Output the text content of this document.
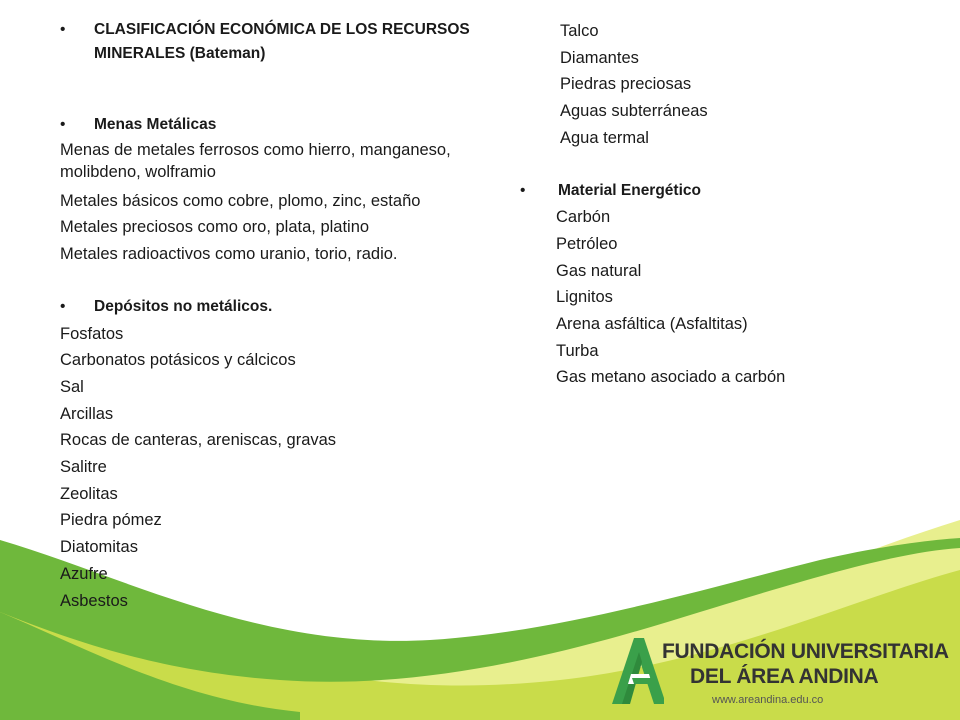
• CLASIFICACIÓN ECONÓMICA DE LOS RECURSOS MINERALES (Bateman)
• Menas Metálicas
Menas de metales ferrosos como hierro, manganeso, molibdeno, wolframio
Metales básicos como cobre, plomo, zinc, estaño
Metales preciosos como oro, plata, platino
Metales radioactivos como uranio, torio, radio.
• Depósitos no metálicos.
Fosfatos
Carbonatos potásicos y cálcicos
Sal
Arcillas
Rocas de canteras, areniscas, gravas
Salitre
Zeolitas
Piedra pómez
Diatomitas
Azufre
Asbestos
Talco
Diamantes
Piedras preciosas
Aguas subterráneas
Agua termal
• Material Energético
Carbón
Petróleo
Gas natural
Lignitos
Arena asfáltica (Asfaltitas)
Turba
Gas metano asociado a carbón
FUNDACIÓN UNIVERSITARIA
DEL ÁREA ANDINA
www.areandina.edu.co
